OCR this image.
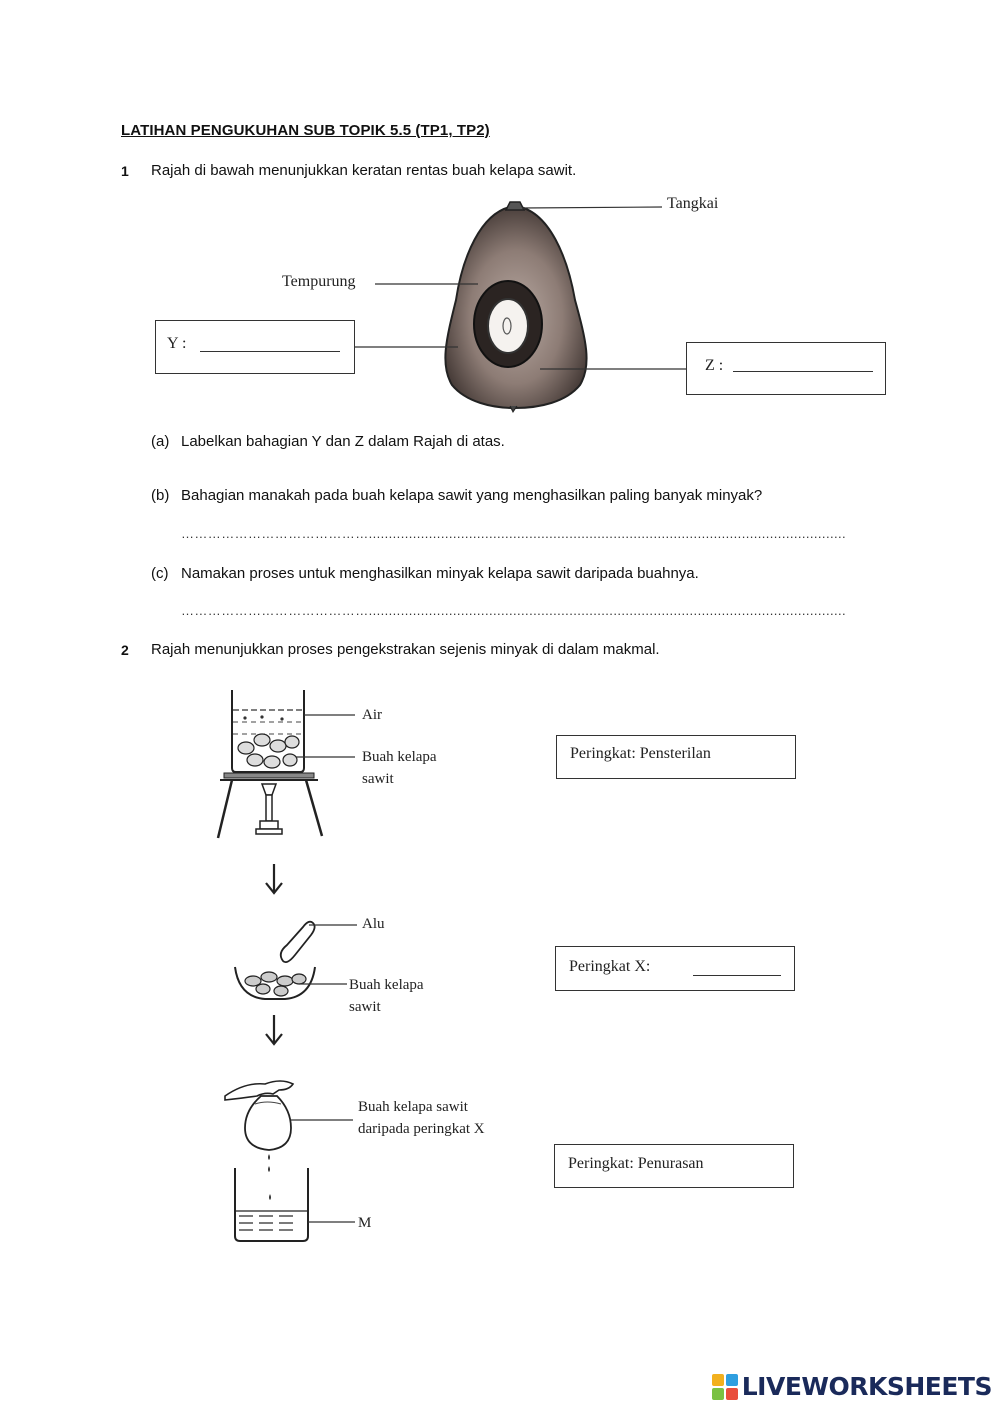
LATIHAN PENGUKUHAN SUB TOPIK 5.5 (TP1, TP2)
1 Rajah di bawah menunjukkan keratan rentas buah kelapa sawit.
Tangkai
Tempurung
Y :
Z :
(a) Labelkan bahagian Y dan Z dalam Rajah di atas.
(b) Bahagian manakah pada buah kelapa sawit yang menghasilkan paling banyak minyak?
…………………………………….......................................................................................................................
(c) Namakan proses untuk menghasilkan minyak kelapa sawit daripada buahnya.
…………………………………….......................................................................................................................
2 Rajah menunjukkan proses pengekstrakan sejenis minyak di dalam makmal.
Air
Buah kelapa
sawit
Peringkat: Pensterilan
Alu
Buah kelapa
sawit
Peringkat X:
Buah kelapa sawit
daripada peringkat X
M
Peringkat: Penurasan
LIVEWORKSHEETS
